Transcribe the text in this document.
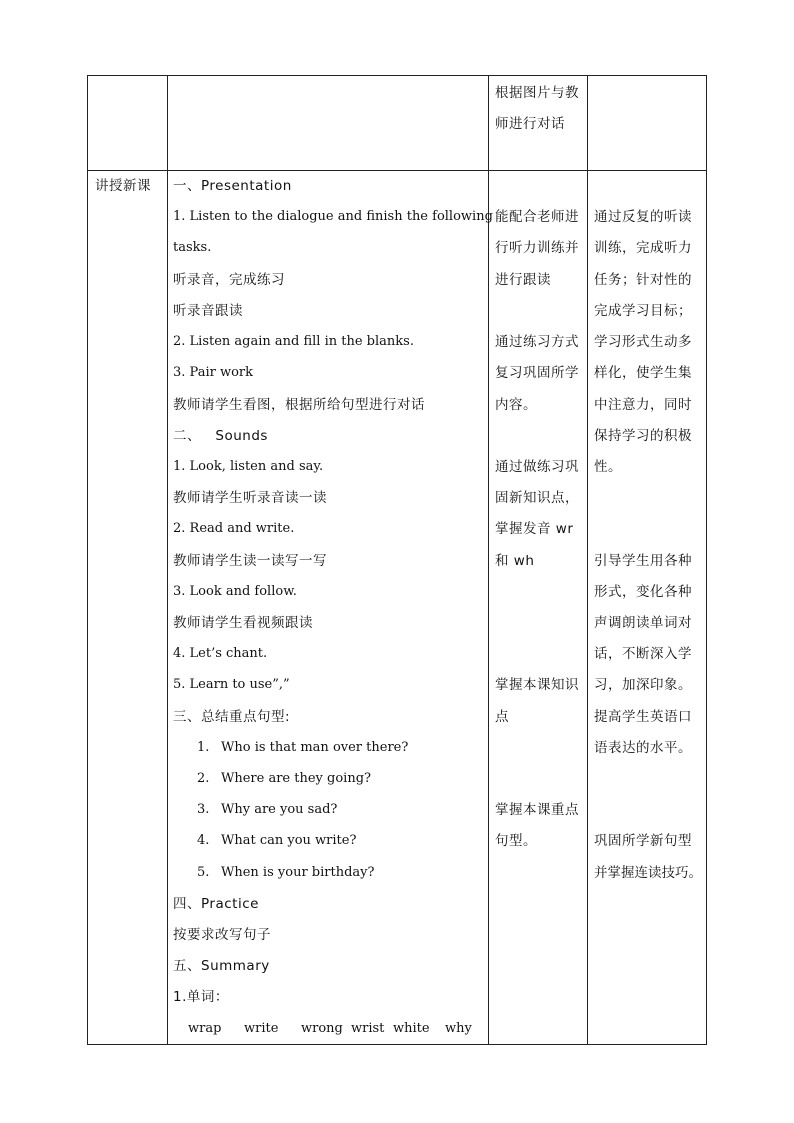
根据图片与教
师进行对话
讲授新课 一、Presentation
1. Listen to the dialogue and finish the following
tasks.
听录音，完成练习
听录音跟读
2. Listen again and fill in the blanks.
3. Pair work
教师请学生看图，根据所给句型进行对话
二、   Sounds
1. Look, listen and say.
教师请学生听录音读一读
2. Read and write.
教师请学生读一读写一写
3. Look and follow.
教师请学生看视频跟读
4. Let’s chant.
5. Learn to use”,”
三、总结重点句型:
1. Who is that man over there?
2. Where are they going?
3. Why are you sad?
4. What can you write?
5. When is your birthday?
四、Practice
按要求改写句子
五、Summary
1.单词：
wrap write wrong wrist white why
能配合老师进
行听力训练并
进行跟读
通过练习方式
复习巩固所学
内容。
通过做练习巩
固新知识点，
掌握发音 wr
和 wh
掌握本课知识
点
掌握本课重点
句型。
通过反复的听读
训练，完成听力
任务；针对性的
完成学习目标；
学习形式生动多
样化，使学生集
中注意力，同时
保持学习的积极
性。
引导学生用各种
形式，变化各种
声调朗读单词对
话，不断深入学
习，加深印象。
提高学生英语口
语表达的水平。
巩固所学新句型
并掌握连读技巧。
